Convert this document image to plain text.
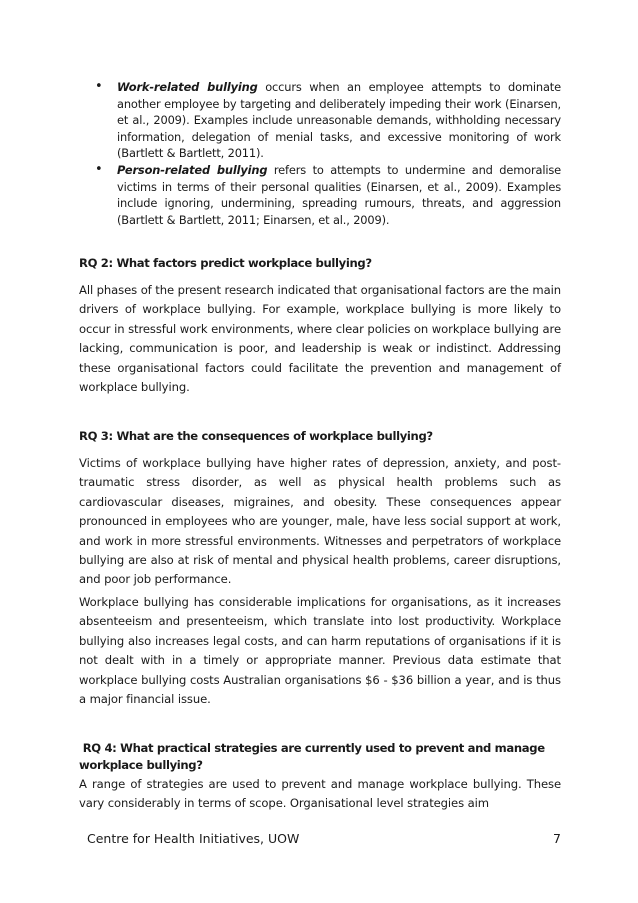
• Work-related bullying occurs when an employee attempts to dominate another employee by targeting and deliberately impeding their work (Einarsen, et al., 2009). Examples include unreasonable demands, withholding necessary information, delegation of menial tasks, and excessive monitoring of work (Bartlett & Bartlett, 2011).
• Person-related bullying refers to attempts to undermine and demoralise victims in terms of their personal qualities (Einarsen, et al., 2009). Examples include ignoring, undermining, spreading rumours, threats, and aggression (Bartlett & Bartlett, 2011; Einarsen, et al., 2009).

RQ 2: What factors predict workplace bullying?

All phases of the present research indicated that organisational factors are the main drivers of workplace bullying. For example, workplace bullying is more likely to occur in stressful work environments, where clear policies on workplace bullying are lacking, communication is poor, and leadership is weak or indistinct. Addressing these organisational factors could facilitate the prevention and management of workplace bullying.

RQ 3: What are the consequences of workplace bullying?

Victims of workplace bullying have higher rates of depression, anxiety, and post-traumatic stress disorder, as well as physical health problems such as cardiovascular diseases, migraines, and obesity. These consequences appear pronounced in employees who are younger, male, have less social support at work, and work in more stressful environments. Witnesses and perpetrators of workplace bullying are also at risk of mental and physical health problems, career disruptions, and poor job performance.

Workplace bullying has considerable implications for organisations, as it increases absenteeism and presenteeism, which translate into lost productivity. Workplace bullying also increases legal costs, and can harm reputations of organisations if it is not dealt with in a timely or appropriate manner. Previous data estimate that workplace bullying costs Australian organisations $6 - $36 billion a year, and is thus a major financial issue.

RQ 4: What practical strategies are currently used to prevent and manage workplace bullying?

A range of strategies are used to prevent and manage workplace bullying. These vary considerably in terms of scope. Organisational level strategies aim

Centre for Health Initiatives, UOW	7
